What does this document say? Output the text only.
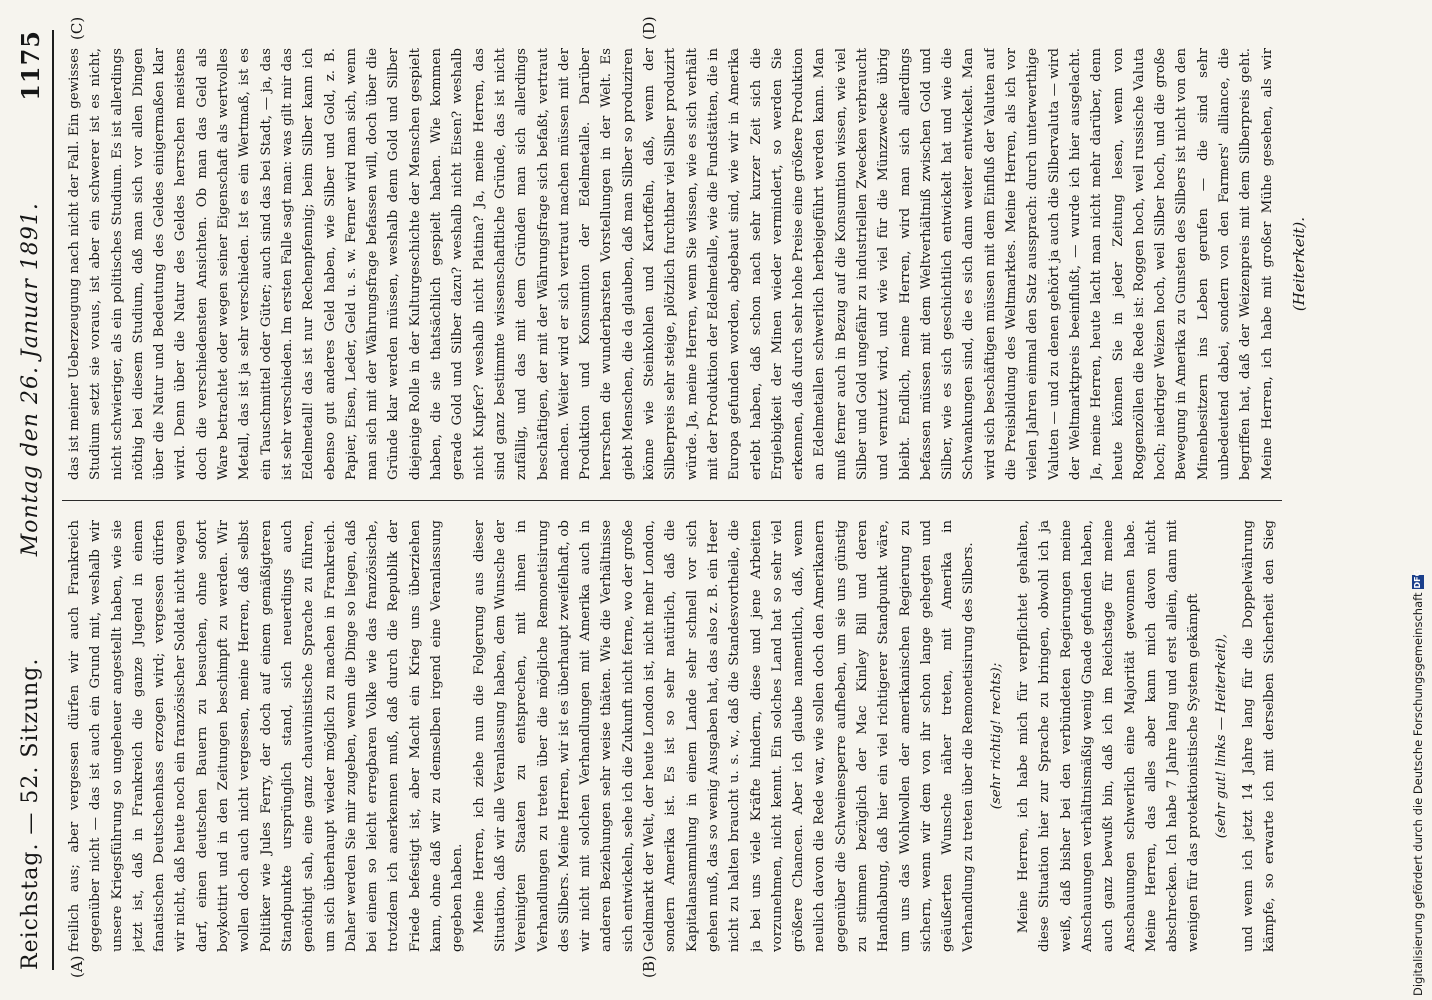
Reichstag. — 52. Sitzung.
Montag den 26. Januar 1891.
1175
(A)	(B)
(C)	(D)

freilich aus; aber vergessen dürfen wir auch Frankreich gegenüber nicht — das ist auch ein Grund mit, weshalb wir unsere Kriegsführung so ungeheuer angestellt haben, wie sie jetzt ist, daß in Frankreich die ganze Jugend in einem fanatischen Deutschenhass erzogen wird; vergessen dürfen wir nicht, daß heute noch ein französischer Soldat nicht wagen darf, einen deutschen Bauern zu besuchen, ohne sofort boykottirt und in den Zeitungen beschimpft zu werden. Wir wollen doch auch nicht vergessen, meine Herren, daß selbst Politiker wie Jules Ferry, der doch auf einem gemäßigteren Standpunkte ursprünglich stand, sich neuerdings auch genöthigt sah, eine ganz chauvinistische Sprache zu führen, um sich überhaupt wieder möglich zu machen in Frankreich. Daher werden Sie mir zugeben, wenn die Dinge so liegen, daß bei einem so leicht erregbaren Volke wie das französische, trotzdem ich anerkennen muß, daß durch die Republik der Friede befestigt ist, aber Macht ein Krieg uns überziehen kann, ohne daß wir zu demselben irgend eine Veranlassung gegeben haben. Meine Herren, ich ziehe nun die Folgerung aus dieser Situation, daß wir alle Veranlassung haben, dem Wunsche der Vereinigten Staaten zu entsprechen, mit ihnen in Verhandlungen zu treten über die mögliche Remonetisirung des Silbers. Meine Herren, wir ist es überhaupt zweifelhaft, ob wir nicht mit solchen Verhandlungen mit Amerika auch in anderen Beziehungen sehr weise thäten. Wie die Verhältnisse sich entwickeln, sehe ich die Zukunft nicht ferne, wo der große Geldmarkt der Welt, der heute London ist, nicht mehr London, sondern Amerika ist. Es ist so sehr natürlich, daß die Kapitalansammlung in einem Lande sehr schnell vor sich gehen muß, das so wenig Ausgaben hat, das also z. B. ein Heer nicht zu halten braucht u. s. w., daß die Standesvortheile, die ja bei uns viele Kräfte hindern, diese und jene Arbeiten vorzunehmen, nicht kennt. Ein solches Land hat so sehr viel größere Chancen. Aber ich glaube namentlich, daß, wenn neulich davon die Rede war, wie sollen doch den Amerikanern gegenüber die Schweinesperre aufheben, um sie uns günstig zu stimmen bezüglich der Mac Kinley Bill und deren Handhabung, daß hier ein viel richtigerer Standpunkt wäre, um uns das Wohlwollen der amerikanischen Regierung zu sichern, wenn wir dem von ihr schon lange gehegten und geäußerten Wunsche näher treten, mit Amerika in Verhandlung zu treten über die Remonetisirung des Silbers. (sehr richtig! rechts); Meine Herren, ich habe mich für verpflichtet gehalten, diese Situation hier zur Sprache zu bringen, obwohl ich ja weiß, daß bisher bei den verbündeten Regierungen meine Anschauungen verhältnismäßig wenig Gnade gefunden haben, auch ganz bewußt bin, daß ich im Reichstage für meine Anschauungen schwerlich eine Majorität gewonnen habe. Meine Herren, das alles aber kann mich davon nicht abschrecken. Ich habe 7 Jahre lang und erst allein, dann mit wenigen für das protektionistische System gekämpft (sehr gut! links — Heiterkeit),

und wenn ich jetzt 14 Jahre lang für die Doppelwährung kämpfe, so erwarte ich mit derselben Sicherheit den Sieg

das ist meiner Ueberzeugung nach nicht der Fall. Ein gewisses Studium setzt sie voraus, ist aber ein schwerer ist es nicht, nicht schwieriger, als ein politisches Studium. Es ist allerdings nöthig bei diesem Studium, daß man sich vor allen Dingen über die Natur und Bedeutung des Geldes einigermaßen klar wird. Denn über die Natur des Geldes herrschen meistens doch die verschiedensten Ansichten. Ob man das Geld als Ware betrachtet oder wegen seiner Eigenschaft als wertvolles Metall, das ist ja sehr verschieden. Ist es ein Wertmaß, ist es ein Tauschmittel oder Güter; auch sind das bei Stadt, — ja, das ist sehr verschieden. Im ersten Falle sagt man: was gilt mir das Edelmetall! das ist nur Rechenpfennig; beim Silber kann ich ebenso gut anderes Geld haben, wie Silber und Gold, z. B. Papier, Eisen, Leder, Geld u. s. w. Ferner wird man sich, wenn man sich mit der Währungsfrage befassen will, doch über die Gründe klar werden müssen, weshalb denn Gold und Silber diejenige Rolle in der Kulturgeschichte der Menschen gespielt haben, die sie thatsächlich gespielt haben. Wie kommen gerade Gold und Silber dazu? weshalb nicht Eisen? weshalb nicht Kupfer? weshalb nicht Platina? Ja, meine Herren, das sind ganz bestimmte wissenschaftliche Gründe, das ist nicht zufällig, und das mit dem Gründen man sich allerdings beschäftigen, der mit der Währungsfrage sich befaßt, vertraut machen. Weiter wird er sich vertraut machen müssen mit der Produktion und Konsumtion der Edelmetalle. Darüber herrschen die wunderbarsten Vorstellungen in der Welt. Es giebt Menschen, die da glauben, daß man Silber so produziren könne wie Steinkohlen und Kartoffeln, daß, wenn der Silberpreis sehr steige, plötzlich furchtbar viel Silber produzirt würde. Ja, meine Herren, wenn Sie wissen, wie es sich verhält mit der Produktion der Edelmetalle, wie die Fundstätten, die in Europa gefunden worden, abgebaut sind, wie wir in Amerika erlebt haben, daß schon nach sehr kurzer Zeit sich die Ergiebigkeit der Minen wieder vermindert, so werden Sie erkennen, daß durch sehr hohe Preise eine größere Produktion an Edelmetallen schwerlich herbeigeführt werden kann. Man muß ferner auch in Bezug auf die Konsumtion wissen, wie viel Silber und Gold ungefähr zu industriellen Zwecken verbraucht und vernutzt wird, und wie viel für die Münzzwecke übrig bleibt. Endlich, meine Herren, wird man sich allerdings befassen müssen mit dem Weltverhältniß zwischen Gold und Silber, wie es sich geschichtlich entwickelt hat und wie die Schwankungen sind, die es sich dann weiter entwickelt. Man wird sich beschäftigen müssen mit dem Einfluß der Valuten auf die Preisbildung des Weltmarktes. Meine Herren, als ich vor vielen Jahren einmal den Satz aussprach: durch unterwerthige Valuten — und zu denen gehört ja auch die Silbervaluta — wird der Weltmarktpreis beeinflußt, — wurde ich hier ausgelacht. Ja, meine Herren, heute lacht man nicht mehr darüber, denn heute können Sie in jeder Zeitung lesen, wenn von Roggenzöllen die Rede ist: Roggen hoch, weil russische Valuta hoch; niedriger Weizen hoch, weil Silber hoch, und die große Bewegung in Amerika zu Gunsten des Silbers ist nicht von den Minenbesitzern ins Leben gerufen — die sind sehr unbedeutend dabei, sondern von den Farmers' alliance, die begriffen hat, daß der Weizenpreis mit dem Silberpreis geht. Meine Herren, ich habe mit großer Mühe gesehen, als wir

(Heiterkeit).
Digitalisierung gefördert durch die Deutsche Forschungsgemeinschaft
DFG
